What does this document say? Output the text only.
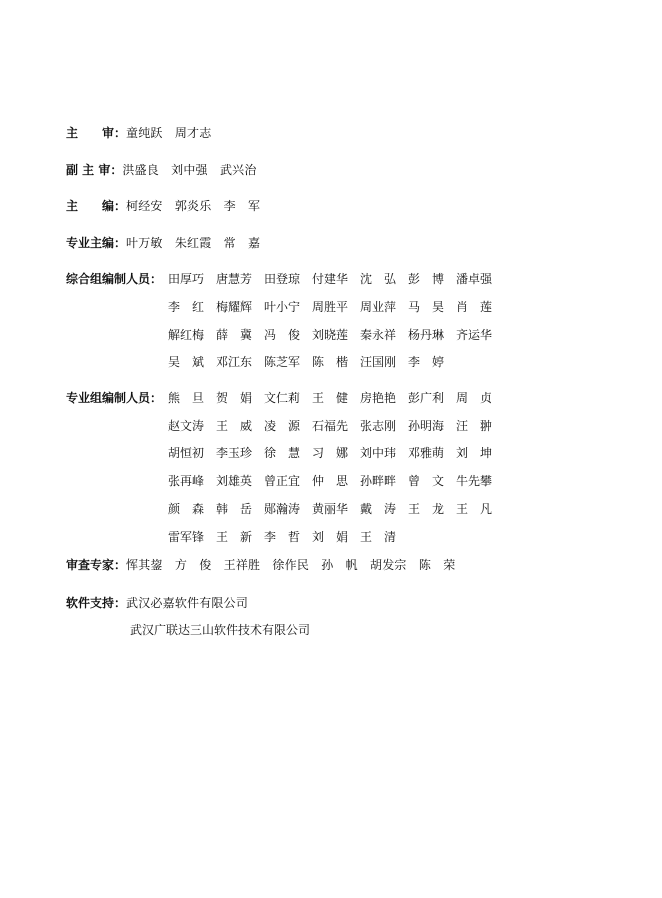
主　　审：童纯跃　周才志
副 主 审：洪盛良　刘中强　武兴治
主　　编：柯经安　郭炎乐　李　军
专业主编：叶万敏　朱红霞　常　嘉
综合组编制人员： 田厚巧　唐慧芳　田登琼　付建华　沈　弘　彭　博　潘卓强
李　红　梅耀辉　叶小宁　周胜平　周业萍　马　昊　肖　莲
解红梅　薛　冀　冯　俊　刘晓莲　秦永祥　杨丹琳　齐运华
吴　斌　邓江东　陈芝军　陈　楷　汪国刚　李　婷
专业组编制人员： 熊　旦　贺　娟　文仁莉　王　健　房艳艳　彭广利　周　贞
赵文涛　王　威　凌　源　石福先　张志刚　孙明海　汪　翀
胡恒初　李玉珍　徐　慧　习　娜　刘中玮　邓雅萌　刘　坤
张再峰　刘雄英　曾正宜　仲　思　孙畔畔　曾　文　牛先攀
颜　森　韩　岳　郧瀚涛　黄丽华　戴　涛　王　龙　王　凡
雷军锋　王　新　李　哲　刘　娟　王　清
审查专家：恽其鋆　方　俊　王祥胜　徐作民　孙　帆　胡发宗　陈　荣
软件支持：武汉必嘉软件有限公司
武汉广联达三山软件技术有限公司
